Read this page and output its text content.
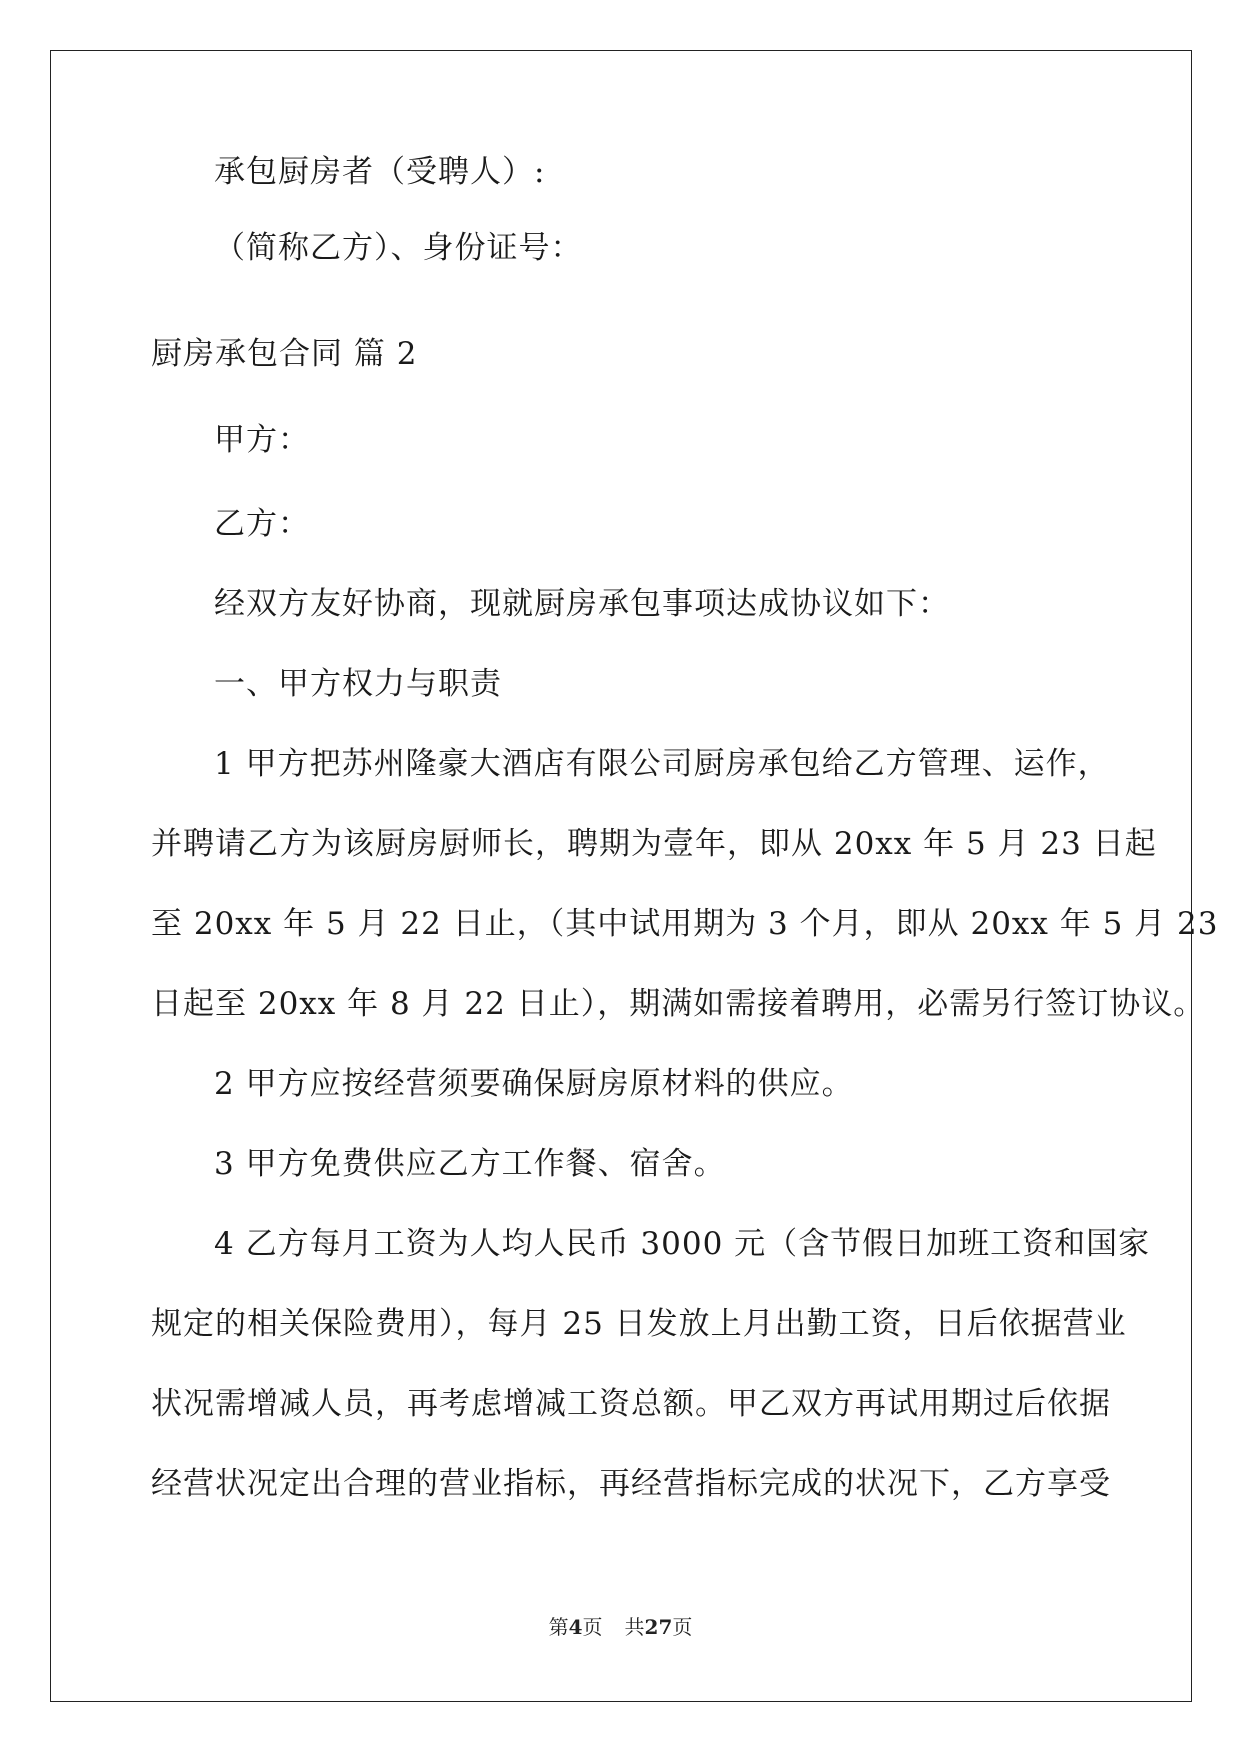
承包厨房者（受聘人）:
（简称乙方）、身份证号：
厨房承包合同 篇 2
甲方：
乙方：
经双方友好协商，现就厨房承包事项达成协议如下：
一、甲方权力与职责
1 甲方把苏州隆豪大酒店有限公司厨房承包给乙方管理、运作，
并聘请乙方为该厨房厨师长，聘期为壹年，即从 20xx 年 5 月 23 日起
至 20xx 年 5 月 22 日止，（其中试用期为 3 个月，即从 20xx 年 5 月 23
日起至 20xx 年 8 月 22 日止），期满如需接着聘用，必需另行签订协议。
2 甲方应按经营须要确保厨房原材料的供应。
3 甲方免费供应乙方工作餐、宿舍。
4 乙方每月工资为人均人民币 3000 元（含节假日加班工资和国家
规定的相关保险费用），每月 25 日发放上月出勤工资，日后依据营业
状况需增减人员，再考虑增减工资总额。甲乙双方再试用期过后依据
经营状况定出合理的营业指标，再经营指标完成的状况下，乙方享受
第4页 共27页
